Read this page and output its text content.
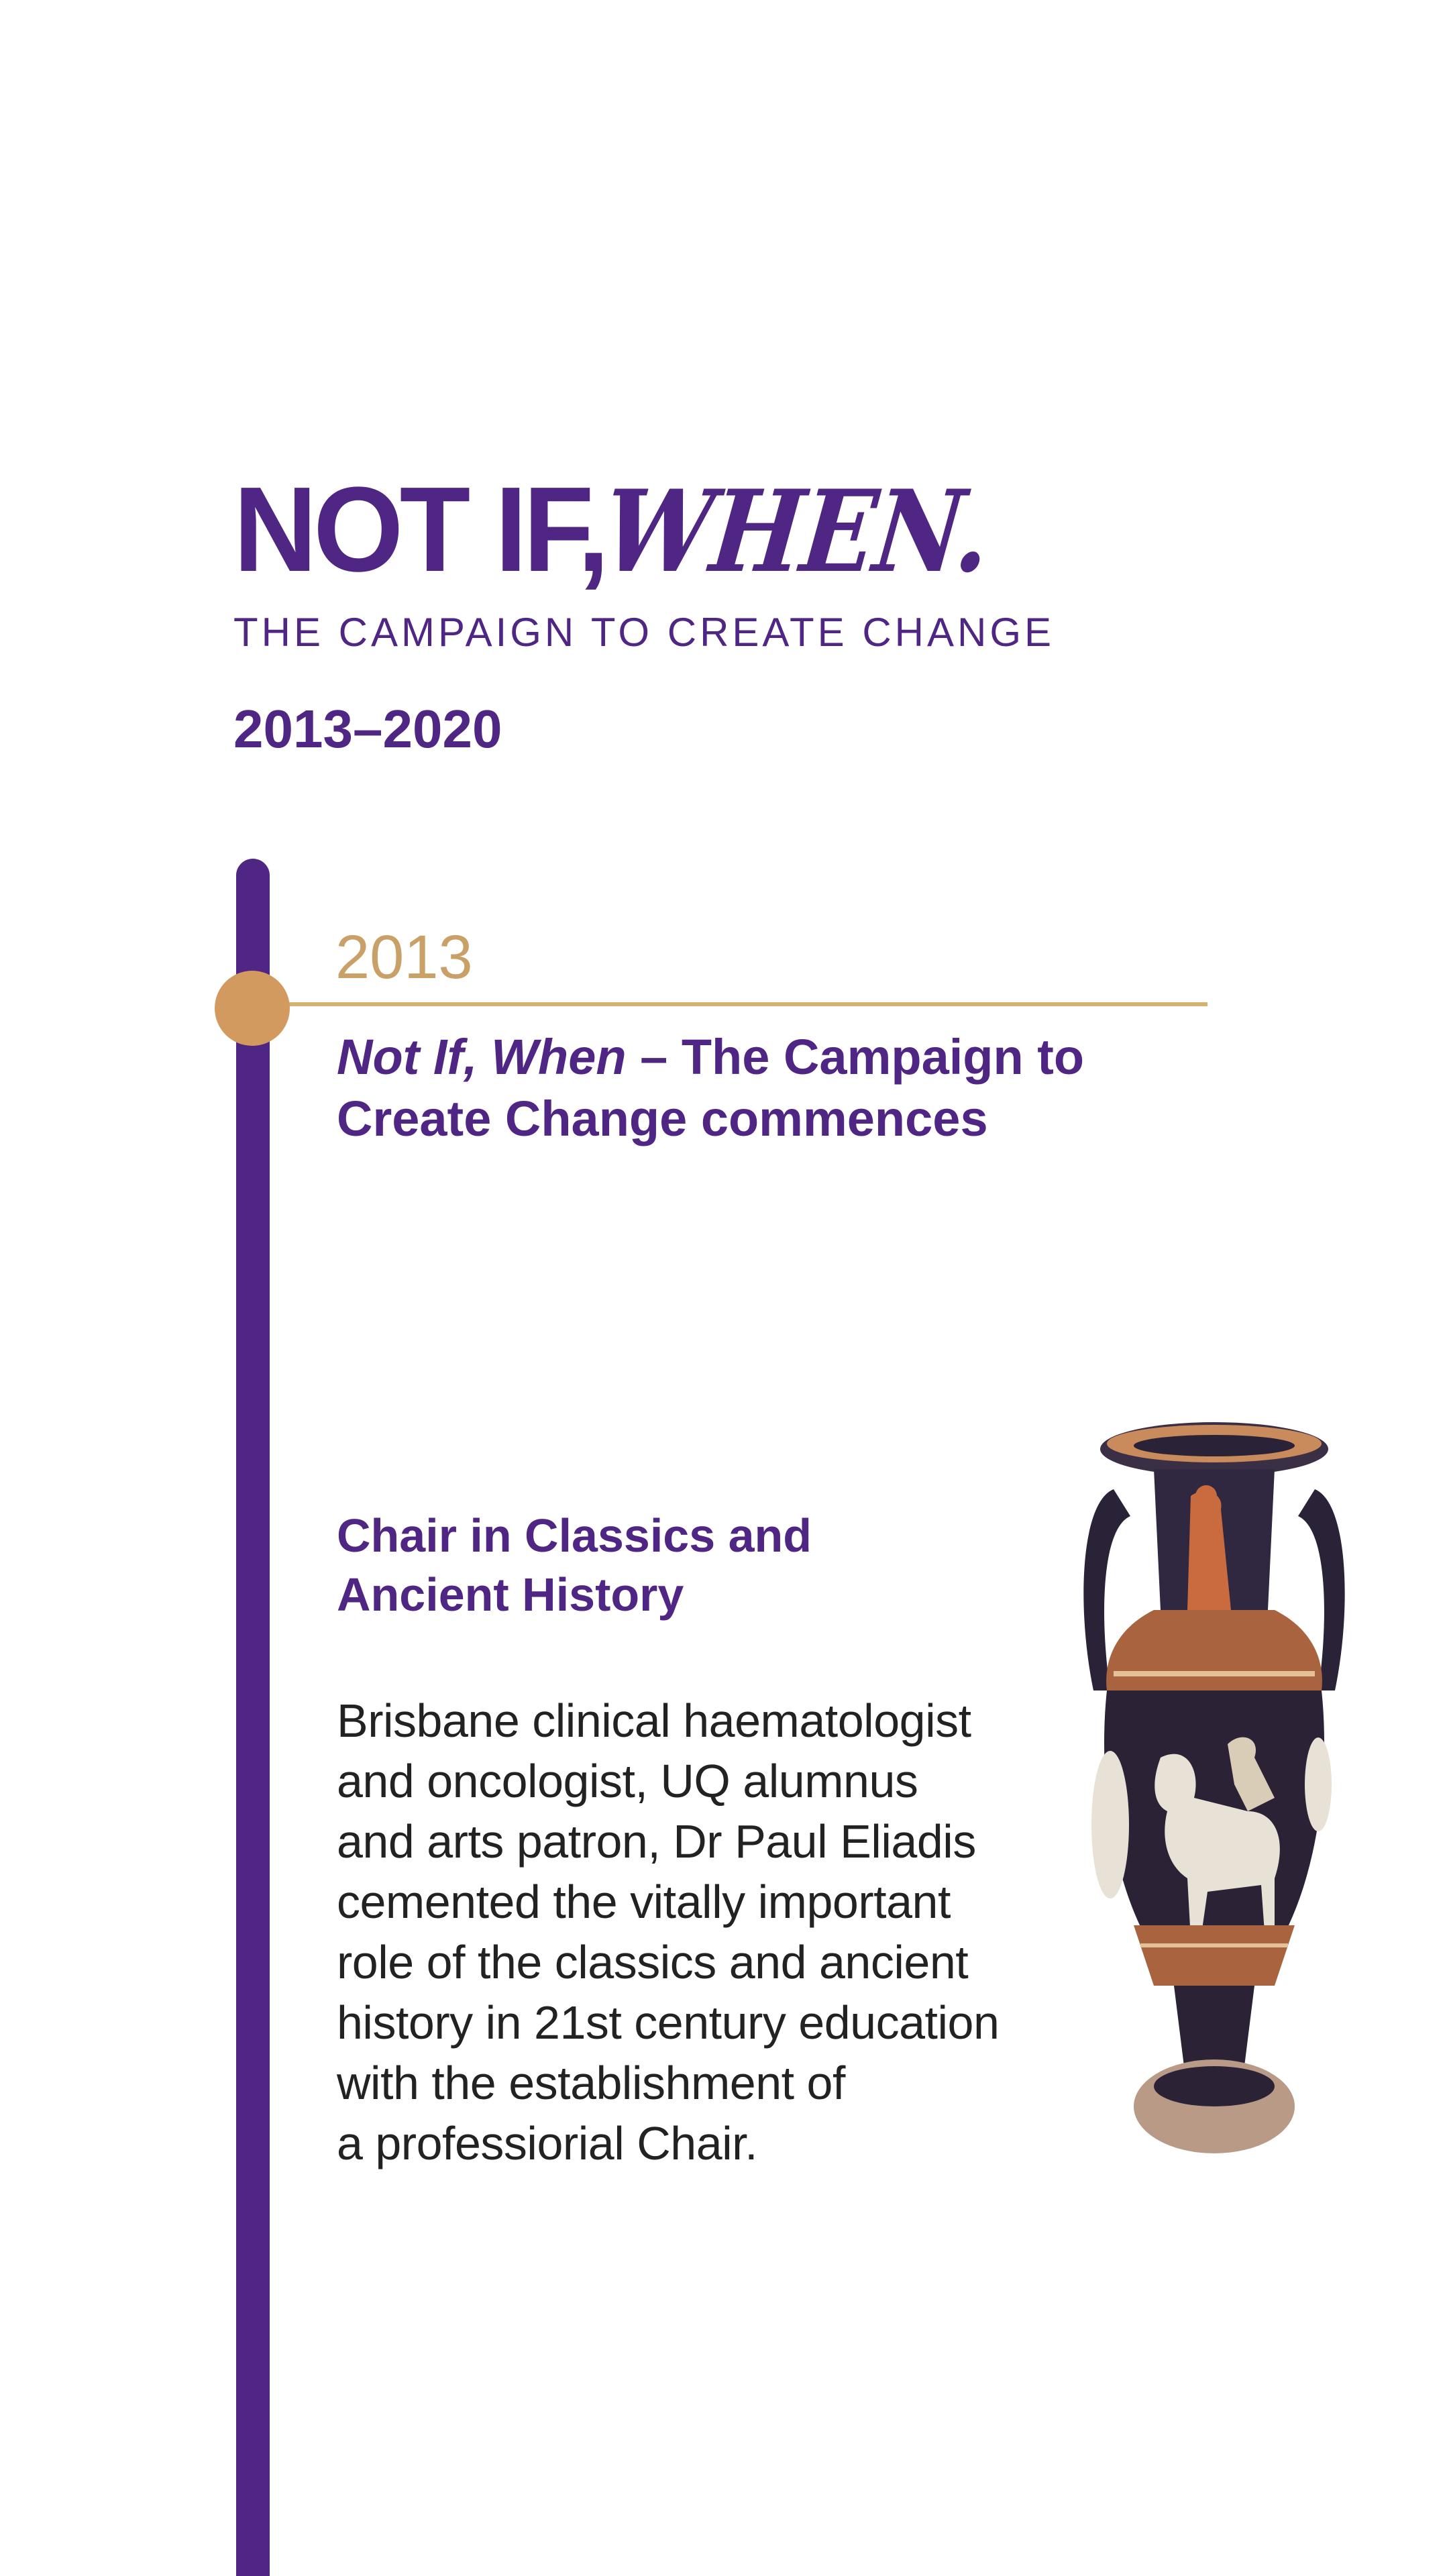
NOT IF, WHEN.
THE CAMPAIGN TO CREATE CHANGE
2013–2020
2013
Not If, When – The Campaign to Create Change commences
Chair in Classics and
Ancient History
Brisbane clinical haematologist
and oncologist, UQ alumnus
and arts patron, Dr Paul Eliadis
cemented the vitally important
role of the classics and ancient
history in 21st century education
with the establishment of
a professiorial Chair.
